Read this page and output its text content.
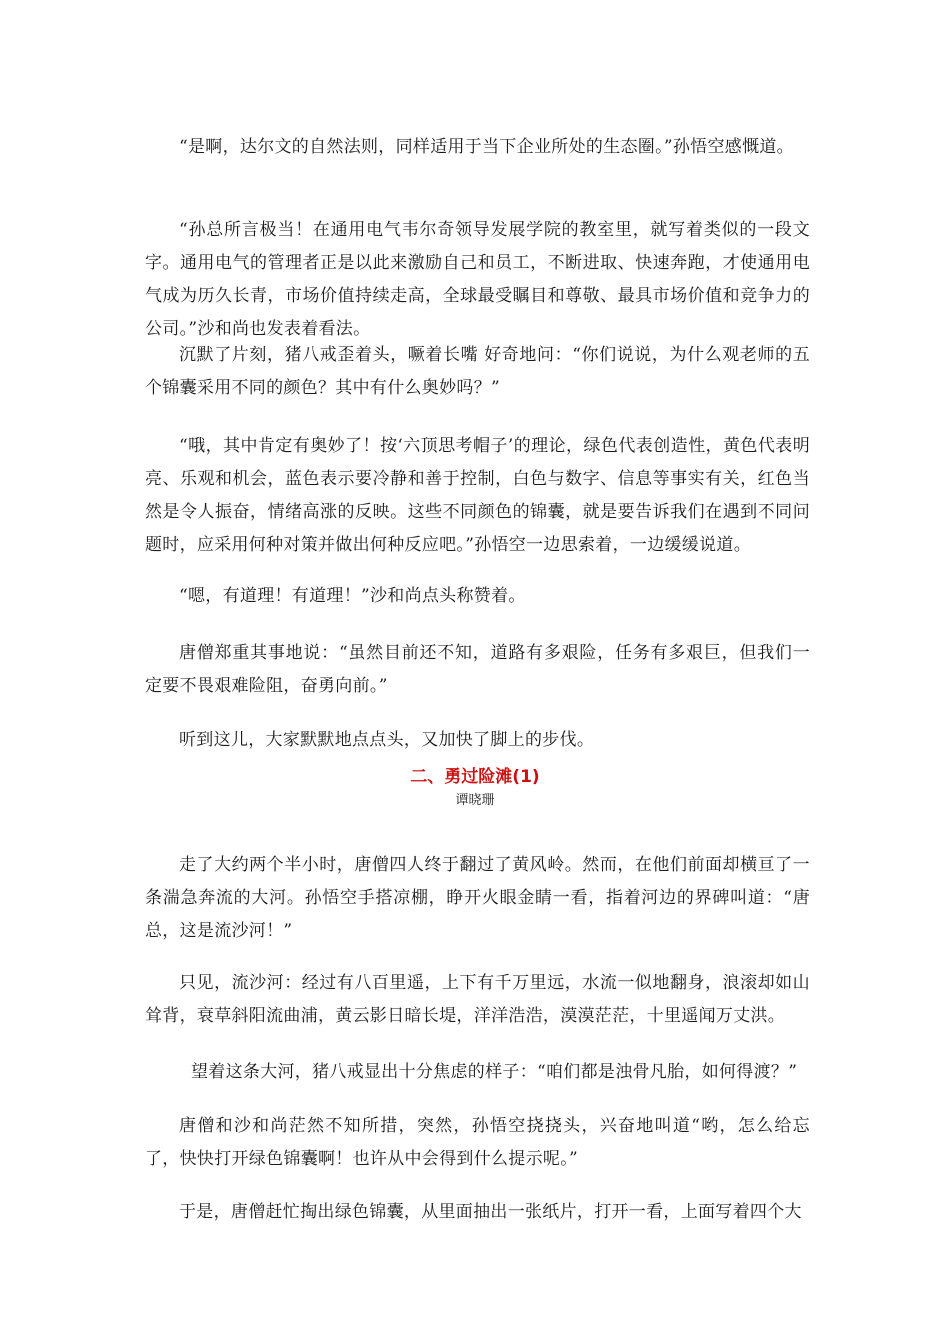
“是啊，达尔文的自然法则，同样适用于当下企业所处的生态圈。”孙悟空感慨道。

“孙总所言极当！在通用电气韦尔奇领导发展学院的教室里，就写着类似的一段文字。通用电气的管理者正是以此来激励自己和员工，不断进取、快速奔跑，才使通用电气成为历久长青，市场价值持续走高，全球最受瞩目和尊敬、最具市场价值和竞争力的公司。”沙和尚也发表着看法。

沉默了片刻，猪八戒歪着头，噘着长嘴 好奇地问：“你们说说，为什么观老师的五个锦囊采用不同的颜色？其中有什么奥妙吗？”

“哦，其中肯定有奥妙了！按‘六顶思考帽子’的理论，绿色代表创造性，黄色代表明亮、乐观和机会，蓝色表示要冷静和善于控制，白色与数字、信息等事实有关，红色当然是令人振奋，情绪高涨的反映。这些不同颜色的锦囊，就是要告诉我们在遇到不同问题时，应采用何种对策并做出何种反应吧。”孙悟空一边思索着，一边缓缓说道。

“嗯，有道理！有道理！”沙和尚点头称赞着。

唐僧郑重其事地说：“虽然目前还不知，道路有多艰险，任务有多艰巨，但我们一定要不畏艰难险阻，奋勇向前。”

听到这儿，大家默默地点点头，又加快了脚上的步伐。

二、勇过险滩(1)
谭晓珊

走了大约两个半小时，唐僧四人终于翻过了黄风岭。然而，在他们前面却横亘了一条湍急奔流的大河。孙悟空手搭凉棚，睁开火眼金睛一看，指着河边的界碑叫道：“唐总，这是流沙河！”

只见，流沙河：经过有八百里遥，上下有千万里远，水流一似地翻身，浪滚却如山耸背，衰草斜阳流曲浦，黄云影日暗长堤，洋洋浩浩，漠漠茫茫，十里遥闻万丈洪。

望着这条大河，猪八戒显出十分焦虑的样子：“咱们都是浊骨凡胎，如何得渡？”

唐僧和沙和尚茫然不知所措，突然，孙悟空挠挠头，兴奋地叫道“哟，怎么给忘了，快快打开绿色锦囊啊！也许从中会得到什么提示呢。”

于是，唐僧赶忙掏出绿色锦囊，从里面抽出一张纸片，打开一看，上面写着四个大
